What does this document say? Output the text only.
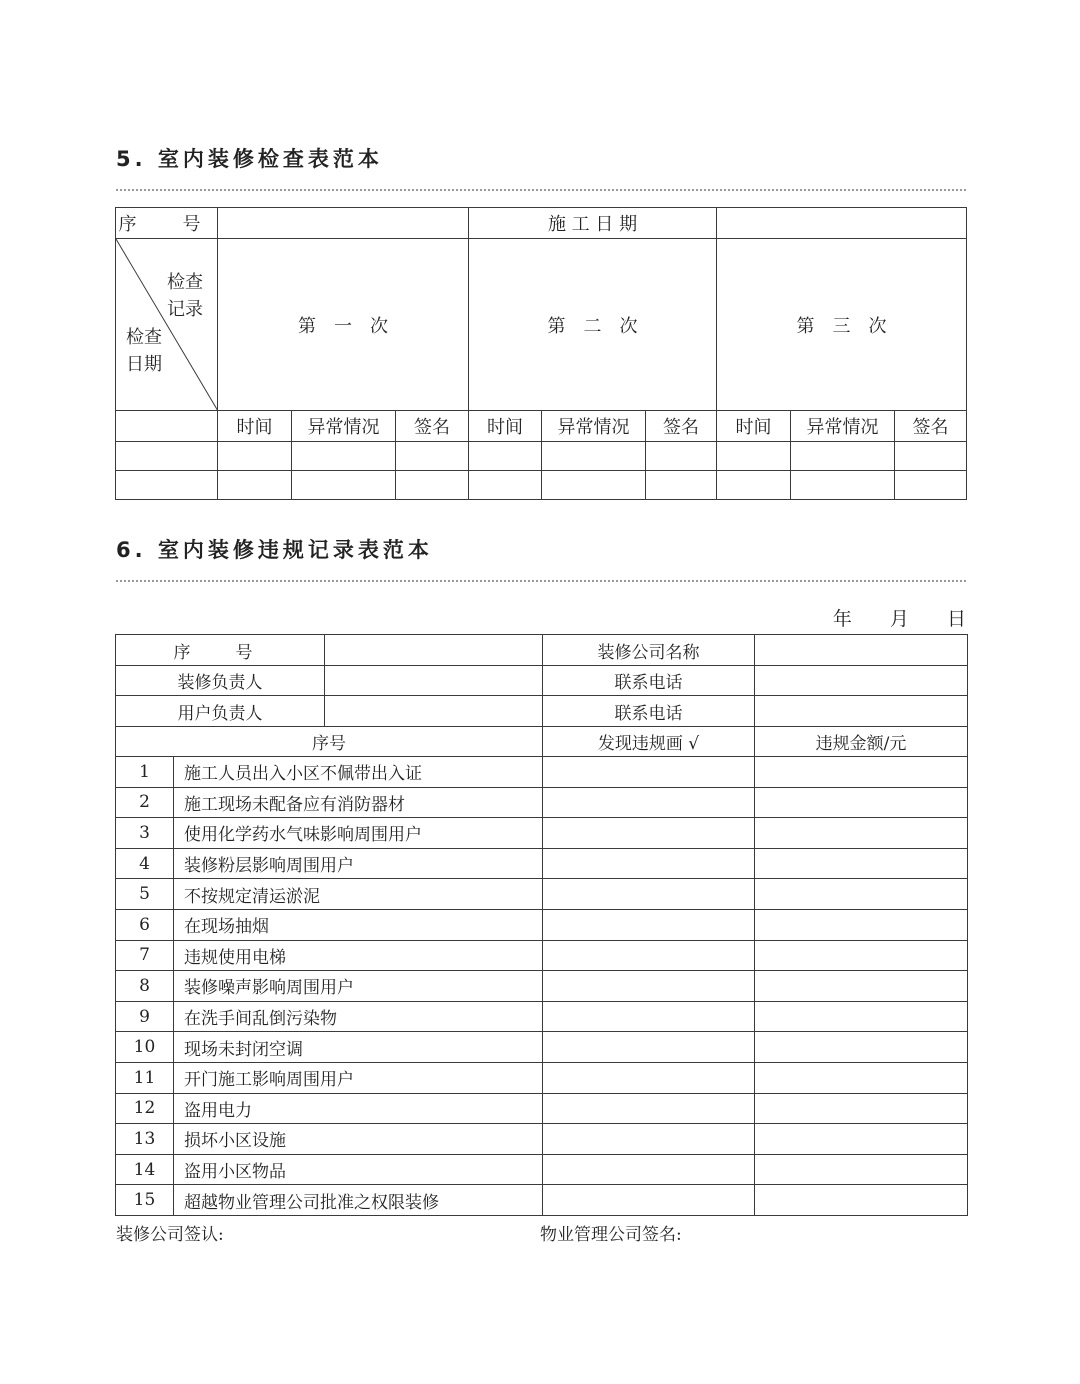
5. 室内装修检查表范本
序　号				施 工 日 期					

检查
记录
检查
日期	第　一　次			第　二　次			第　三　次		
	时间	异常情况	签名	时间	异常情况	签名	时间	异常情况	签名

6. 室内装修违规记录表范本
年 月 日
序　号			装修公司名称	
装修负责人			联系电话	
用户负责人			联系电话	
序号			发现违规画 √	违规金额/元
1	施工人员出入小区不佩带出入证			
2	施工现场未配备应有消防器材			
3	使用化学药水气味影响周围用户			
4	装修粉层影响周围用户			
5	不按规定清运淤泥			
6	在现场抽烟			
7	违规使用电梯			
8	装修噪声影响周围用户			
9	在洗手间乱倒污染物			
10	现场未封闭空调			
11	开门施工影响周围用户			
12	盗用电力			
13	损坏小区设施			
14	盗用小区物品			
15	超越物业管理公司批准之权限装修			
装修公司签认:	物业管理公司签名:
